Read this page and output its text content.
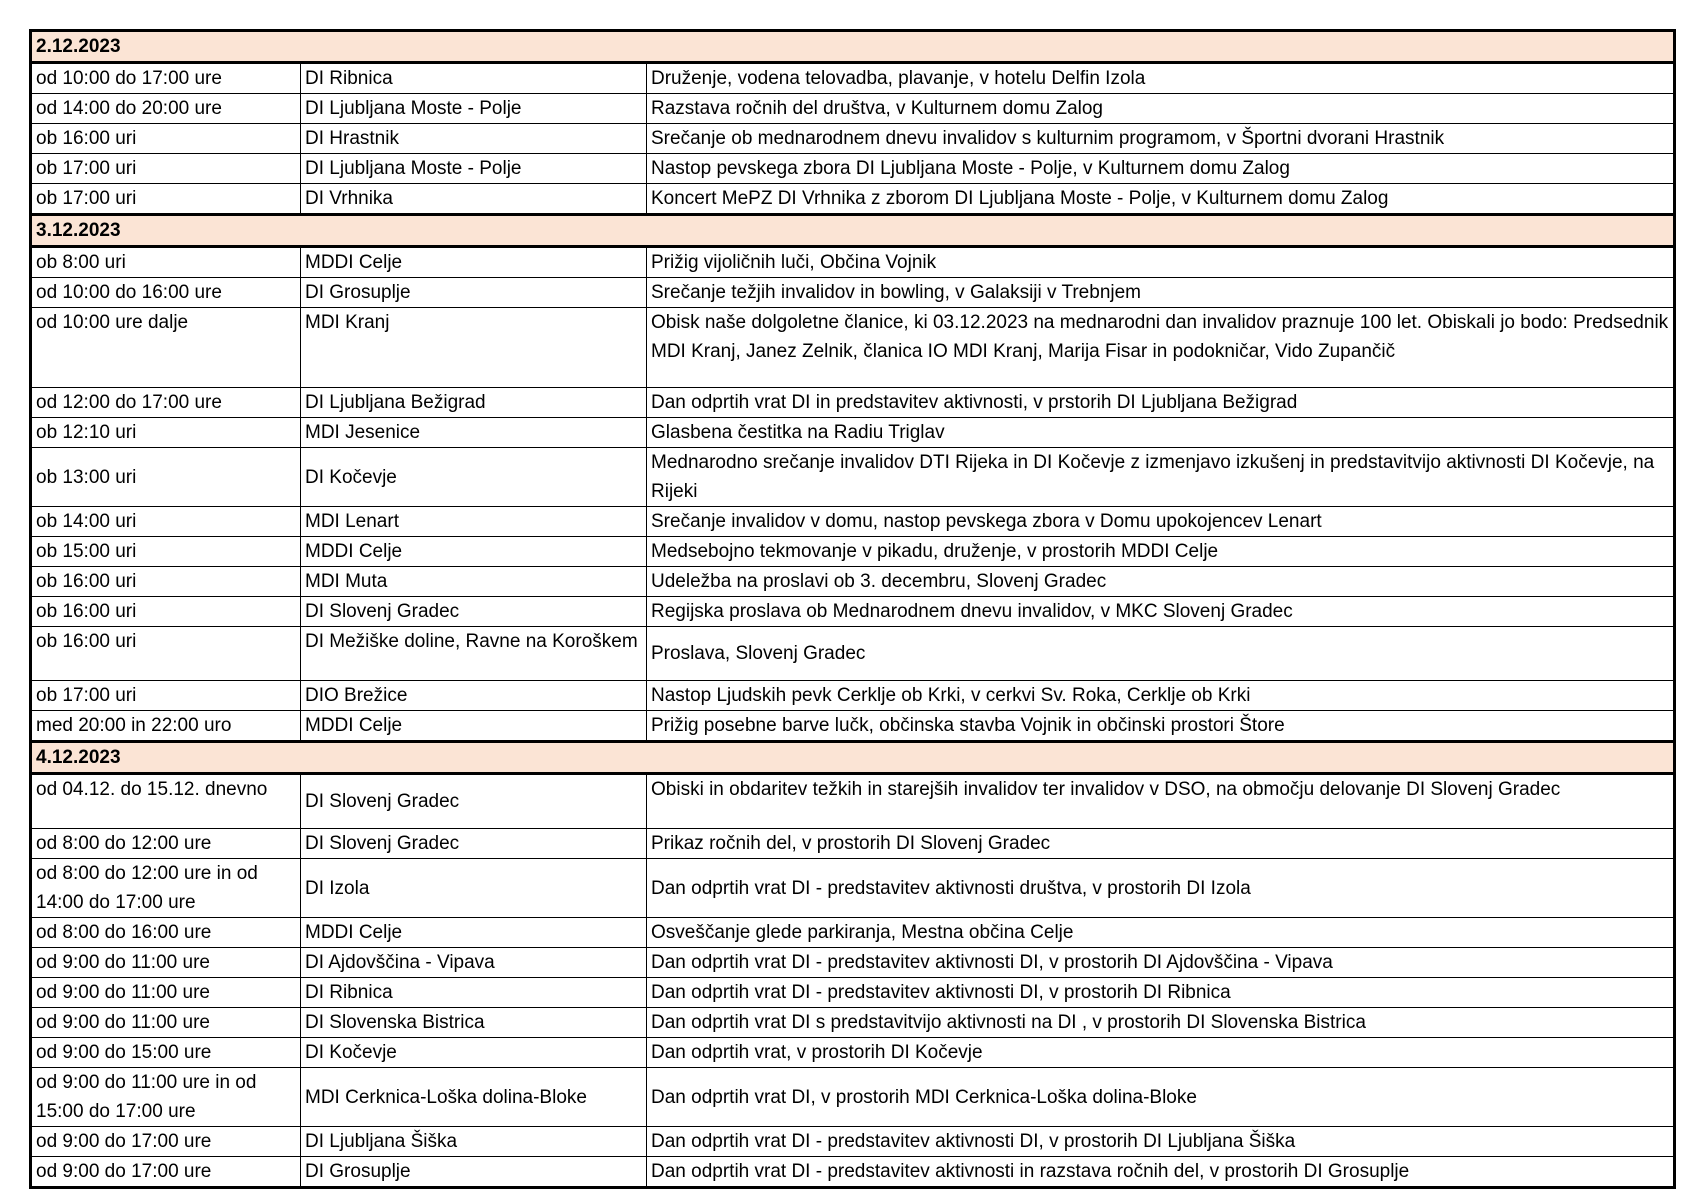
2.12.2023		
od 10:00 do 17:00 ure	DI Ribnica	Druženje, vodena telovadba, plavanje, v hotelu Delfin Izola
od 14:00 do 20:00 ure	DI Ljubljana Moste - Polje	Razstava ročnih del društva, v Kulturnem domu Zalog
ob 16:00 uri	DI Hrastnik	Srečanje ob mednarodnem dnevu invalidov s kulturnim programom, v Športni dvorani Hrastnik
ob 17:00 uri	DI Ljubljana Moste - Polje	Nastop pevskega zbora DI Ljubljana Moste - Polje, v Kulturnem domu Zalog
ob 17:00 uri	DI Vrhnika	Koncert MePZ DI Vrhnika z zborom DI Ljubljana Moste - Polje, v Kulturnem domu Zalog
3.12.2023		
ob 8:00 uri	MDDI Celje	Prižig vijoličnih luči, Občina Vojnik
od 10:00 do 16:00 ure	DI Grosuplje	Srečanje težjih invalidov in bowling, v Galaksiji v Trebnjem
od 10:00 ure dalje	MDI Kranj	Obisk naše dolgoletne članice, ki 03.12.2023 na mednarodni dan invalidov praznuje 100 let. Obiskali jo bodo: Predsednik MDI Kranj, Janez Zelnik, članica IO MDI Kranj, Marija Fisar in podokničar, Vido Zupančič
od 12:00 do 17:00 ure	DI Ljubljana Bežigrad	Dan odprtih vrat DI in predstavitev aktivnosti, v prstorih DI Ljubljana Bežigrad
ob 12:10 uri	MDI Jesenice	Glasbena čestitka na Radiu Triglav
ob 13:00 uri	DI Kočevje	Mednarodno srečanje invalidov DTI Rijeka in DI Kočevje z izmenjavo izkušenj in predstavitvijo aktivnosti DI Kočevje, na Rijeki
ob 14:00 uri	MDI Lenart	Srečanje invalidov v domu, nastop pevskega zbora v Domu upokojencev Lenart
ob 15:00 uri	MDDI Celje	Medsebojno tekmovanje v pikadu, druženje, v prostorih MDDI Celje
ob 16:00 uri	MDI Muta	Udeležba na proslavi ob 3. decembru, Slovenj Gradec
ob 16:00 uri	DI Slovenj Gradec	Regijska proslava ob Mednarodnem dnevu invalidov, v MKC Slovenj Gradec
ob 16:00 uri	DI Mežiške doline, Ravne na Koroškem	Proslava, Slovenj Gradec
ob 17:00 uri	DIO Brežice	Nastop Ljudskih pevk Cerklje ob Krki, v cerkvi Sv. Roka, Cerklje ob Krki
med 20:00 in 22:00 uro	MDDI Celje	Prižig posebne barve lučk, občinska stavba Vojnik in občinski prostori Štore
4.12.2023		
od 04.12. do 15.12. dnevno	DI Slovenj Gradec	Obiski in obdaritev težkih in starejših invalidov ter invalidov v DSO, na območju delovanje DI Slovenj Gradec
od 8:00 do 12:00 ure	DI Slovenj Gradec	Prikaz ročnih del, v prostorih DI Slovenj Gradec
od 8:00 do 12:00 ure in od 14:00 do 17:00 ure	DI Izola	Dan odprtih vrat DI - predstavitev aktivnosti društva, v prostorih DI Izola
od 8:00 do 16:00 ure	MDDI Celje	Osveščanje glede parkiranja, Mestna občina Celje
od 9:00 do 11:00 ure	DI Ajdovščina - Vipava	Dan odprtih vrat DI - predstavitev aktivnosti DI, v prostorih DI Ajdovščina - Vipava
od 9:00 do 11:00 ure	DI Ribnica	Dan odprtih vrat DI - predstavitev aktivnosti DI, v prostorih DI Ribnica
od 9:00 do 11:00 ure	DI Slovenska Bistrica	Dan odprtih vrat DI s predstavitvijo aktivnosti na DI , v prostorih DI Slovenska Bistrica
od 9:00 do 15:00 ure	DI Kočevje	Dan odprtih vrat, v prostorih DI Kočevje
od 9:00 do 11:00 ure in od 15:00 do 17:00 ure	MDI Cerknica-Loška dolina-Bloke	Dan odprtih vrat DI, v prostorih MDI Cerknica-Loška dolina-Bloke
od 9:00 do 17:00 ure	DI Ljubljana Šiška	Dan odprtih vrat DI - predstavitev aktivnosti DI, v prostorih DI Ljubljana Šiška
od 9:00 do 17:00 ure	DI Grosuplje	Dan odprtih vrat DI - predstavitev aktivnosti in razstava ročnih del, v prostorih DI Grosuplje
